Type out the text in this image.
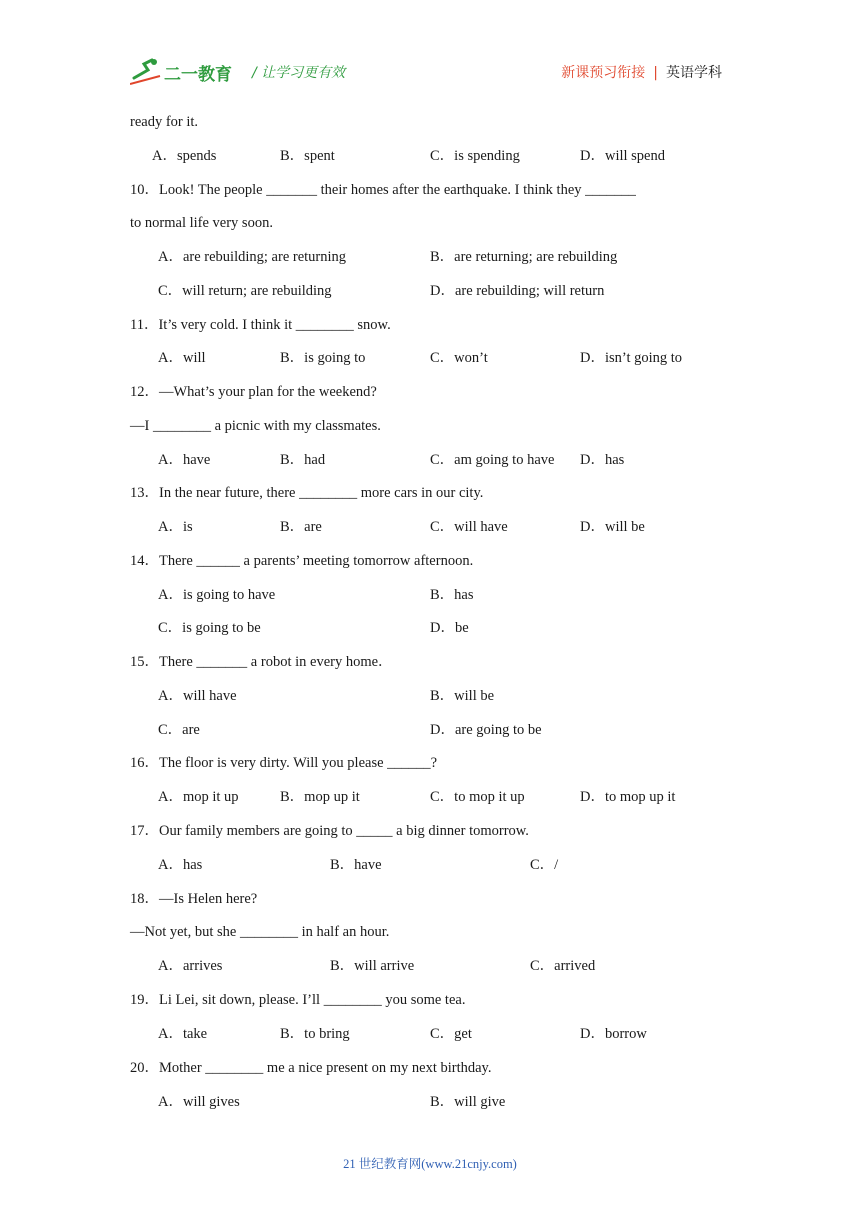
二一教育 / 让学习更有效	新课预习衔接 | 英语学科
ready for it.
A．spends	B．spent	C．is spending	D．will spend
10．Look! The people _______ their homes after the earthquake. I think they _______
to normal life very soon.
A．are rebuilding; are returning	B．are returning; are rebuilding
C．will return; are rebuilding	D．are rebuilding; will return
11．It’s very cold. I think it ________ snow.
A．will	B．is going to	C．won’t	D．isn’t going to
12．—What’s your plan for the weekend?
—I ________ a picnic with my classmates.
A．have	B．had	C．am going to have D．has
13．In the near future, there ________ more cars in our city.
A．is	B．are	C．will have	D．will be
14．There ______ a parents’ meeting tomorrow afternoon.
A．is going to have	B．has
C．is going to be	D．be
15．There _______ a robot in every home．
A．will have	B．will be
C．are	D．are going to be
16．The floor is very dirty. Will you please ______?
A．mop it up	B．mop up it	C．to mop it up	D．to mop up it
17．Our family members are going to _____ a big dinner tomorrow.
A．has	B．have	C．/
18．—Is Helen here?
—Not yet, but she ________ in half an hour.
A．arrives	B．will arrive	C．arrived
19．Li Lei, sit down, please. I’ll ________ you some tea.
A．take	B．to bring	C．get	D．borrow
20．Mother ________ me a nice present on my next birthday.
A．will gives	B．will give
21 世纪教育网(www.21cnjy.com)
